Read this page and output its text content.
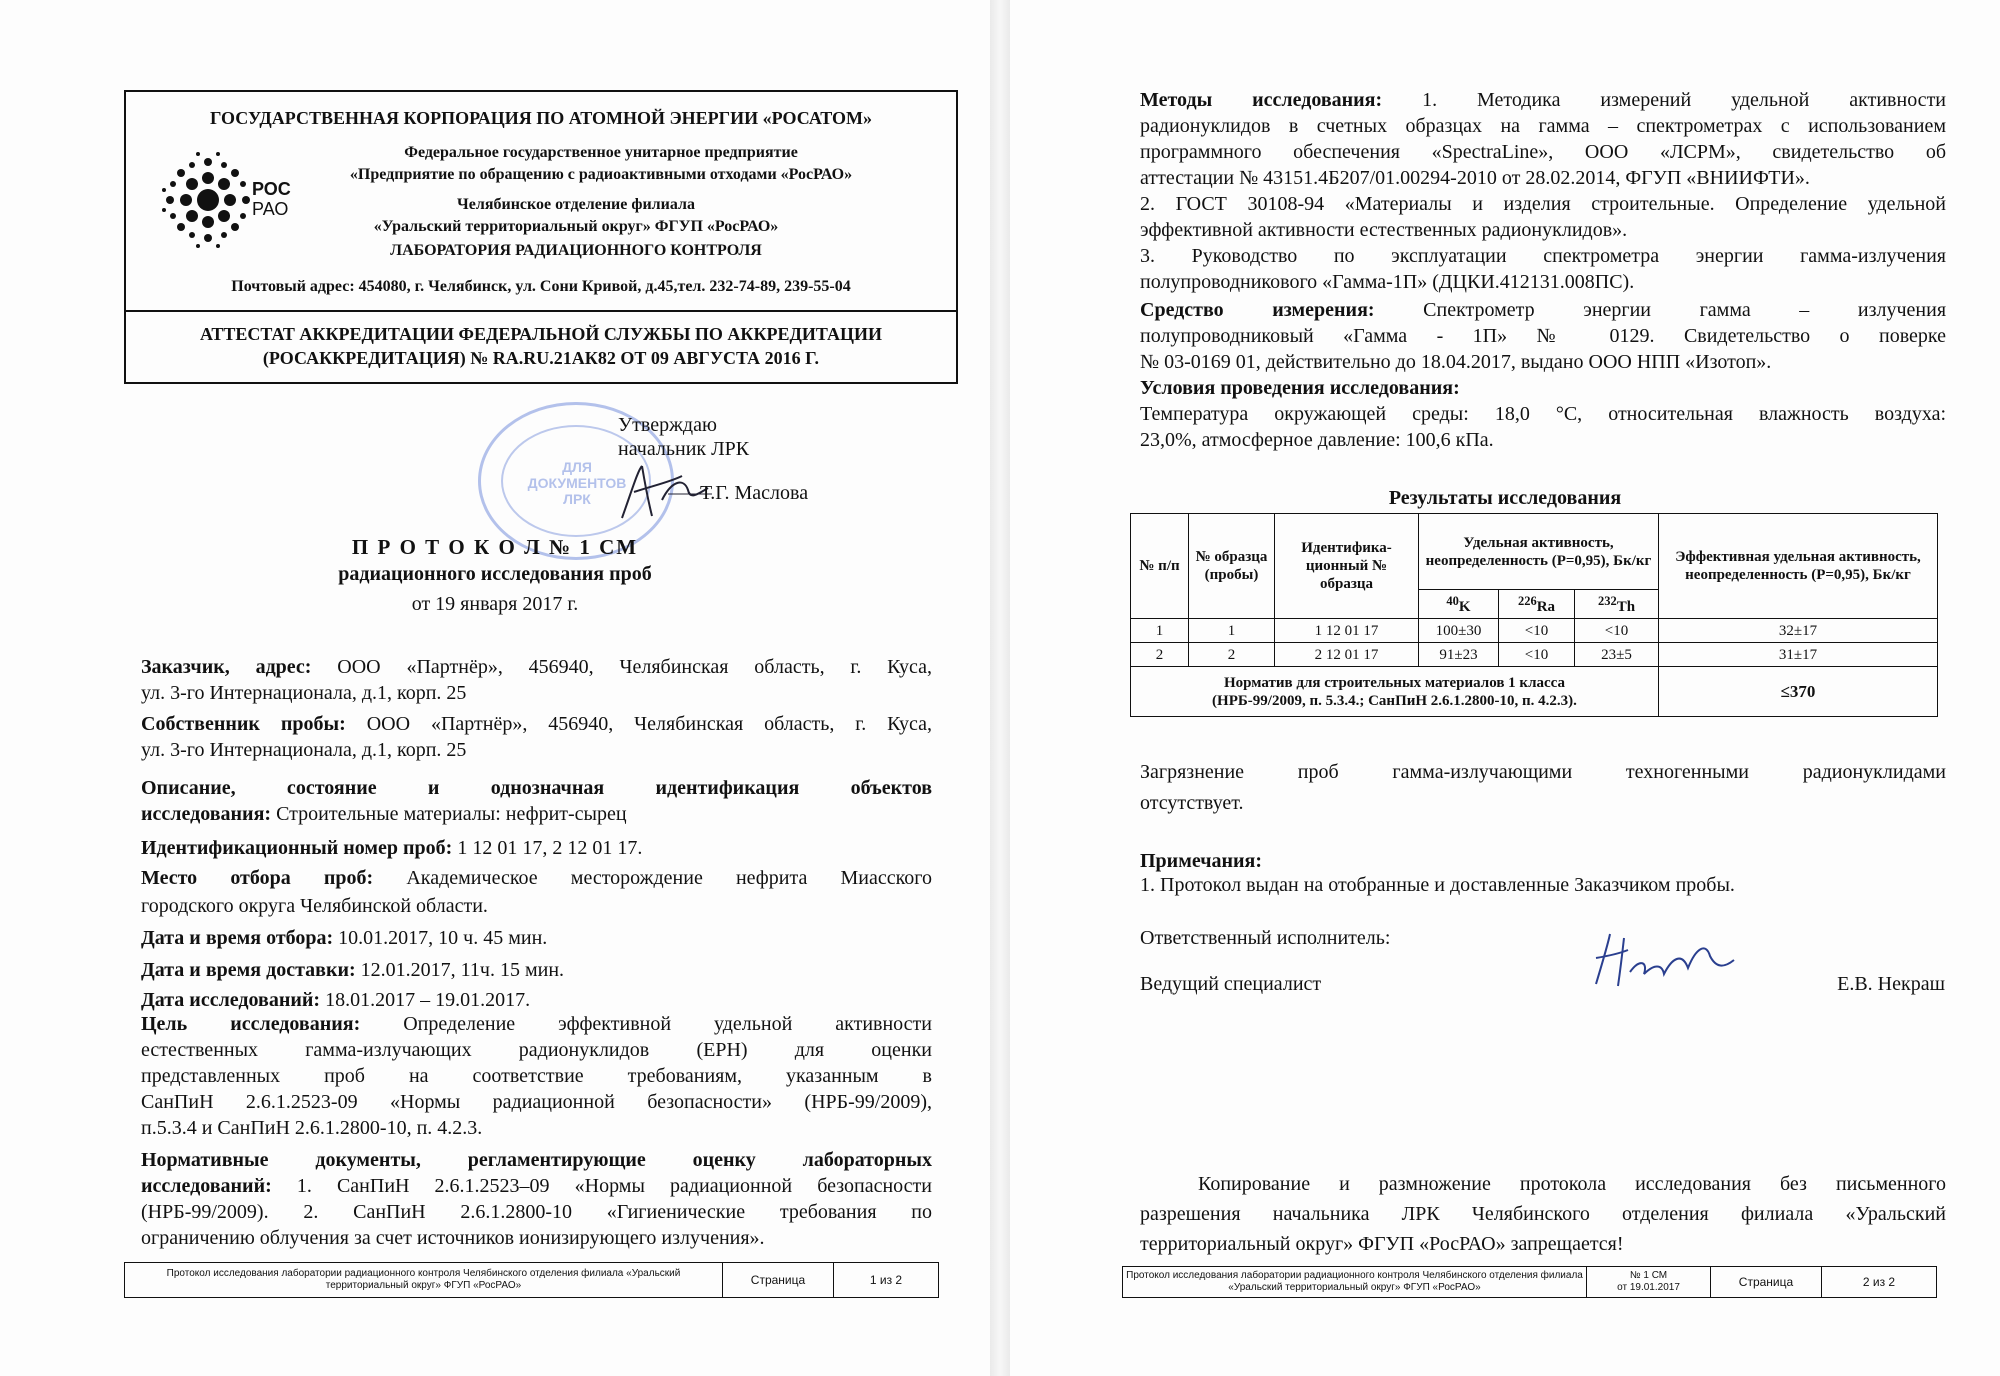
ГОСУДАРСТВЕННАЯ КОРПОРАЦИЯ ПО АТОМНОЙ ЭНЕРГИИ «РОСАТОМ»
Федеральное государственное унитарное предприятие
«Предприятие по обращению с радиоактивными отходами «РосРАО»
Челябинское отделение филиала
«Уральский территориальный округ» ФГУП «РосРАО»
ЛАБОРАТОРИЯ РАДИАЦИОННОГО КОНТРОЛЯ
Почтовый адрес: 454080, г. Челябинск, ул. Сони Кривой, д.45,тел. 232-74-89, 239-55-04
РОС
РАО
АТТЕСТАТ АККРЕДИТАЦИИ ФЕДЕРАЛЬНОЙ СЛУЖБЫ ПО АККРЕДИТАЦИИ
(РОСАККРЕДИТАЦИЯ) № RA.RU.21АК82 ОТ 09 АВГУСТА 2016 Г.
ДЛЯ ДОКУМЕНТОВ ЛРК
Утверждаю
начальник ЛРК
Т.Г. Маслова
П Р О Т О К О Л № 1 СМ
радиационного исследования проб
от 19 января 2017 г.
Заказчик, адрес: ООО «Партнёр», 456940, Челябинская область, г. Куса,
ул. 3-го Интернационала, д.1, корп. 25
Собственник пробы: ООО «Партнёр», 456940, Челябинская область, г. Куса,
ул. 3-го Интернационала, д.1, корп. 25
Описание, состояние и однозначная идентификация объектов
исследования: Строительные материалы: нефрит-сырец
Идентификационный номер проб: 1 12 01 17, 2 12 01 17.
Место отбора проб: Академическое месторождение нефрита Миасского
городского округа Челябинской области.
Дата и время отбора: 10.01.2017, 10 ч. 45 мин.
Дата и время доставки: 12.01.2017, 11ч. 15 мин.
Дата исследований: 18.01.2017 – 19.01.2017.
Цель исследования: Определение эффективной удельной активности
естественных гамма-излучающих радионуклидов (ЕРН) для оценки
представленных проб на соответствие требованиям, указанным в
СанПиН 2.6.1.2523-09 «Нормы радиационной безопасности» (НРБ-99/2009),
п.5.3.4 и СанПиН 2.6.1.2800-10, п. 4.2.3.
Нормативные документы, регламентирующие оценку лабораторных
исследований: 1. СанПиН 2.6.1.2523–09 «Нормы радиационной безопасности
(НРБ-99/2009). 2. СанПиН 2.6.1.2800-10 «Гигиенические требования по
ограничению облучения за счет источников ионизирующего излучения».
Протокол исследования лаборатории радиационного контроля Челябинского отделения филиала «Уральский территориальный округ» ФГУП «РосРАО»	Страница	1 из 2
Методы исследования: 1. Методика измерений удельной активности
радионуклидов в счетных образцах на гамма – спектрометрах с использованием
программного обеспечения «SpectraLine», ООО «ЛСРМ», свидетельство об
аттестации № 43151.4Б207/01.00294-2010 от 28.02.2014, ФГУП «ВНИИФТИ».
2. ГОСТ 30108-94 «Материалы и изделия строительные. Определение удельной
эффективной активности естественных радионуклидов».
3. Руководство по эксплуатации спектрометра энергии гамма-излучения
полупроводникового «Гамма-1П» (ДЦКИ.412131.008ПС).
Средство измерения: Спектрометр энергии гамма – излучения
полупроводниковый «Гамма - 1П» № 0129. Свидетельство о поверке
№ 03-0169 01, действительно до 18.04.2017, выдано ООО НПП «Изотоп».
Условия проведения исследования:
Температура окружающей среды: 18,0 °С, относительная влажность воздуха:
23,0%, атмосферное давление: 100,6 кПа.
Результаты исследования
№ п/п	№ образца (пробы)	Идентифика-ционный № образца	Удельная активность, неопределенность (Р=0,95), Бк/кг			Эффективная удельная активность, неопределенность (Р=0,95), Бк/кг
			$^{40}$K	$^{226}$Ra	$^{232}$Th	
1	1	1 12 01 17	100±30	<10	<10	32±17
2	2	2 12 01 17	91±23	<10	23±5	31±17

Норматив для строительных материалов 1 класса
(НРБ-99/2009, п. 5.3.4.; СанПиН 2.6.1.2800-10, п. 4.2.3).						≤370
Загрязнение проб гамма-излучающими техногенными радионуклидами
отсутствует.
Примечания:
1. Протокол выдан на отобранные и доставленные Заказчиком пробы.
Ответственный исполнитель:
Ведущий специалист	Е.В. Некраш
Копирование и размножение протокола исследования без письменного
разрешения начальника ЛРК Челябинского отделения филиала «Уральский
территориальный округ» ФГУП «РосРАО» запрещается!
Протокол исследования лаборатории радиационного контроля Челябинского отделения филиала «Уральский территориальный округ» ФГУП «РосРАО»
№ 1 СМ
от 19.01.2017	Страница	2 из 2
